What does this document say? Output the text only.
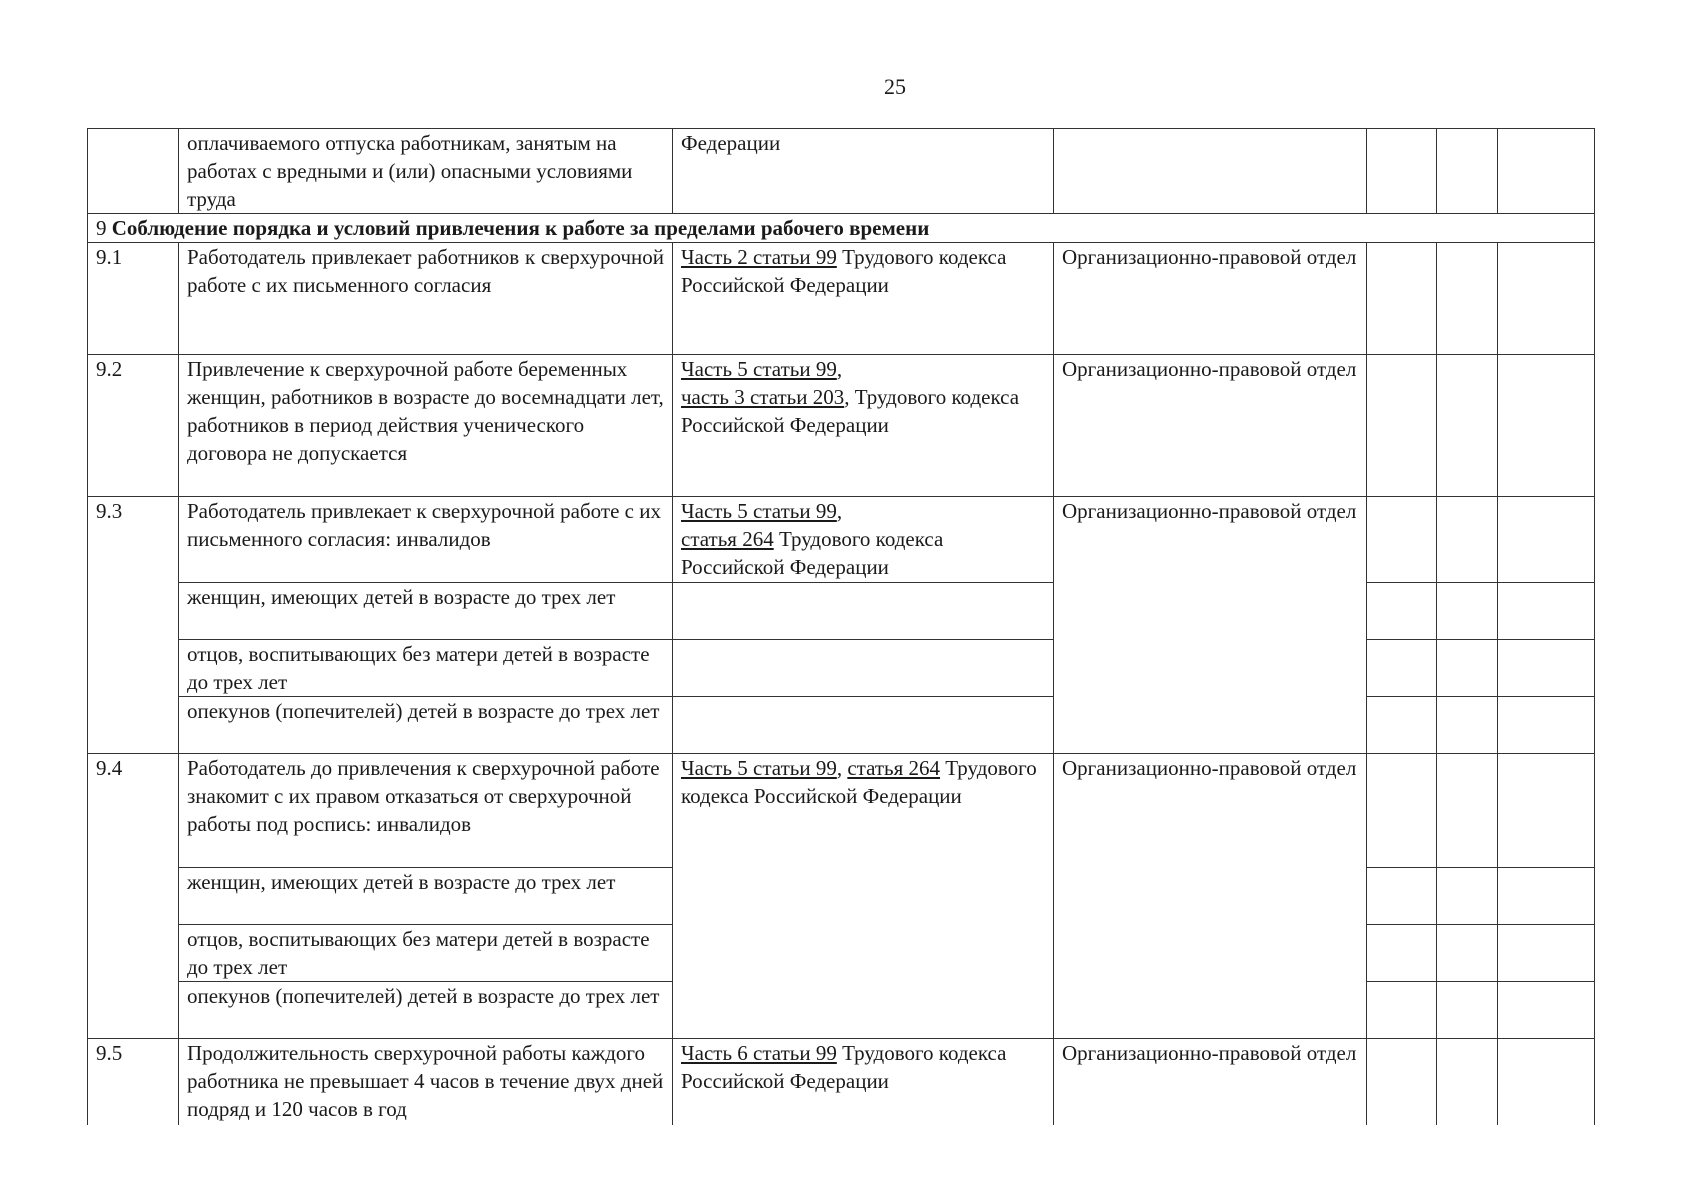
25
	оплачиваемого отпуска работникам, занятым на работах с вредными и (или) опасными условиями труда	Федерации				
9 Соблюдение порядка и условий привлечения к работе за пределами рабочего времени						
9.1	Работодатель привлекает работников к сверхурочной работе с их письменного согласия	Часть 2 статьи 99 Трудового кодекса Российской Федерации	Организационно-правовой отдел			
9.2	Привлечение к сверхурочной работе беременных женщин, работников в возрасте до восемнадцати лет, работников в период действия ученического договора не допускается	Часть 5 статьи 99,
часть 3 статьи 203, Трудового кодекса Российской Федерации	Организационно-правовой отдел			
9.3	Работодатель привлекает к сверхурочной работе с их письменного согласия: инвалидов	Часть 5 статьи 99,
статья 264 Трудового кодекса Российской Федерации	Организационно-правовой отдел			
	женщин, имеющих детей в возрасте до трех лет					
	отцов, воспитывающих без матери детей в возрасте до трех лет					
	опекунов (попечителей) детей в возрасте до трех лет					
9.4	Работодатель до привлечения к сверхурочной работе знакомит с их правом отказаться от сверхурочной работы под роспись: инвалидов	Часть 5 статьи 99, статья 264 Трудового кодекса Российской Федерации	Организационно-правовой отдел			
	женщин, имеющих детей в возрасте до трех лет					
	отцов, воспитывающих без матери детей в возрасте до трех лет					
	опекунов (попечителей) детей в возрасте до трех лет					
9.5	Продолжительность сверхурочной работы каждого работника не превышает 4 часов в течение двух дней подряд и 120 часов в год	Часть 6 статьи 99 Трудового кодекса Российской Федерации	Организационно-правовой отдел			
